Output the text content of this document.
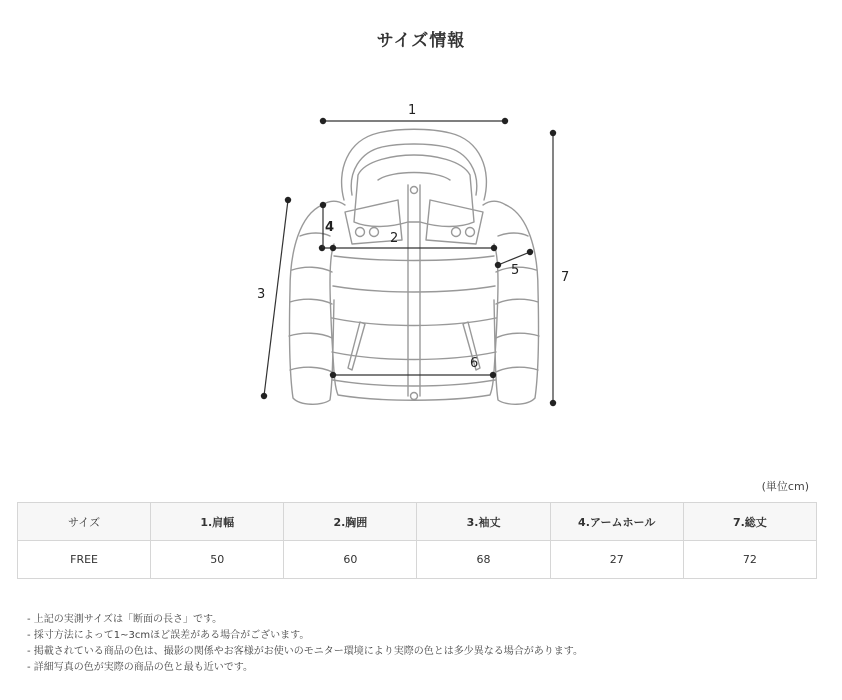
サイズ情報
1
2
3
4
5
6
7
(単位cm)
サイズ	1.肩幅	2.胸囲	3.袖丈	4.アームホール	7.総丈
FREE	50	60	68	27	72
- 上記の実測サイズは「断面の長さ」です。
- 採寸方法によって1~3cmほど誤差がある場合がございます。
- 掲載されている商品の色は、撮影の関係やお客様がお使いのモニター環境により実際の色とは多少異なる場合があります。
- 詳細写真の色が実際の商品の色と最も近いです。
